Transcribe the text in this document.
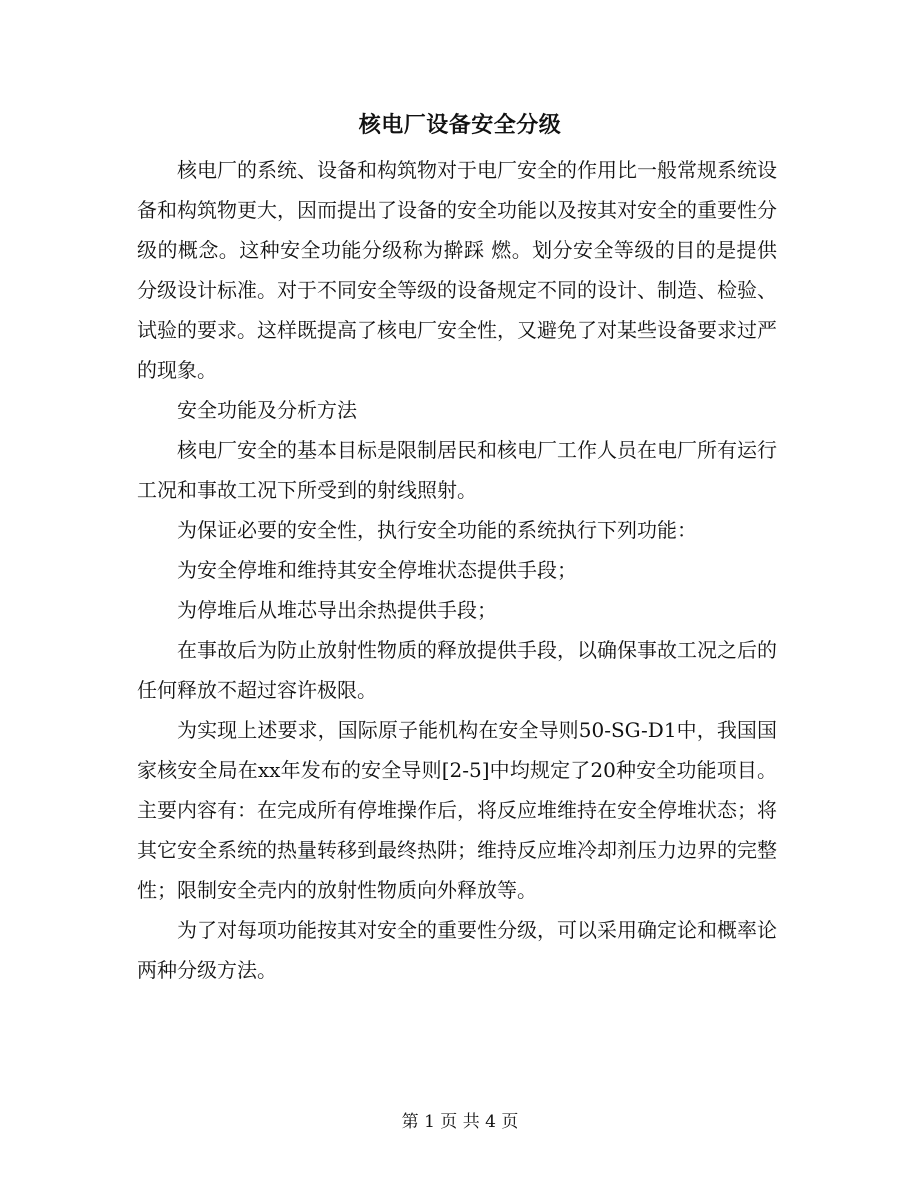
核电厂设备安全分级

核电厂的系统、设备和构筑物对于电厂安全的作用比一般常规系统设备和构筑物更大，因而提出了设备的安全功能以及按其对安全的重要性分级的概念。这种安全功能分级称为擀踩 燃。划分安全等级的目的是提供分级设计标准。对于不同安全等级的设备规定不同的设计、制造、检验、试验的要求。这样既提高了核电厂安全性，又避免了对某些设备要求过严的现象。

安全功能及分析方法

核电厂安全的基本目标是限制居民和核电厂工作人员在电厂所有运行工况和事故工况下所受到的射线照射。

为保证必要的安全性，执行安全功能的系统执行下列功能：

为安全停堆和维持其安全停堆状态提供手段；

为停堆后从堆芯导出余热提供手段；

在事故后为防止放射性物质的释放提供手段，以确保事故工况之后的任何释放不超过容许极限。

为实现上述要求，国际原子能机构在安全导则50-SG-D1中，我国国家核安全局在xx年发布的安全导则[2-5]中均规定了20种安全功能项目。主要内容有：在完成所有停堆操作后，将反应堆维持在安全停堆状态；将其它安全系统的热量转移到最终热阱；维持反应堆冷却剂压力边界的完整性；限制安全壳内的放射性物质向外释放等。

为了对每项功能按其对安全的重要性分级，可以采用确定论和概率论两种分级方法。

第 1 页 共 4 页
